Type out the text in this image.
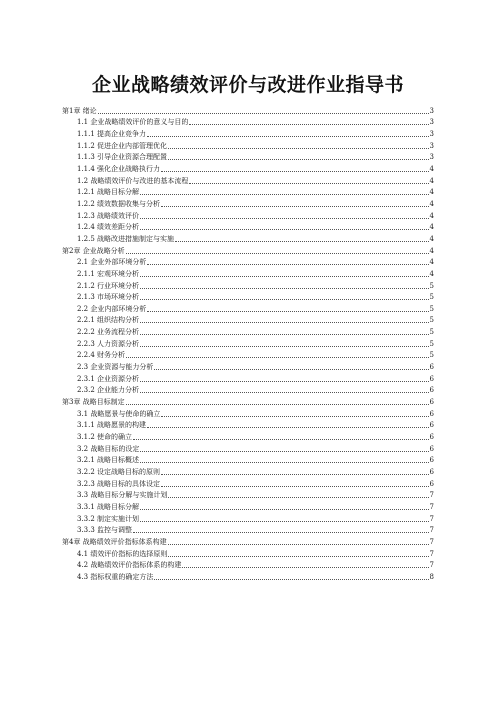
企业战略绩效评价与改进作业指导书
第1章 绪论	3
1.1 企业战略绩效评价的意义与目的	3
1.1.1 提高企业竞争力	3
1.1.2 促进企业内部管理优化	3
1.1.3 引导企业资源合理配置	3
1.1.4 强化企业战略执行力	4
1.2 战略绩效评价与改进的基本流程	4
1.2.1 战略目标分解	4
1.2.2 绩效数据收集与分析	4
1.2.3 战略绩效评价	4
1.2.4 绩效差距分析	4
1.2.5 战略改进措施制定与实施	4
第2章 企业战略分析	4
2.1 企业外部环境分析	4
2.1.1 宏观环境分析	4
2.1.2 行业环境分析	5
2.1.3 市场环境分析	5
2.2 企业内部环境分析	5
2.2.1 组织结构分析	5
2.2.2 业务流程分析	5
2.2.3 人力资源分析	5
2.2.4 财务分析	5
2.3 企业资源与能力分析	6
2.3.1 企业资源分析	6
2.3.2 企业能力分析	6
第3章 战略目标制定	6
3.1 战略愿景与使命的确立	6
3.1.1 战略愿景的构建	6
3.1.2 使命的确立	6
3.2 战略目标的设定	6
3.2.1 战略目标概述	6
3.2.2 设定战略目标的原则	6
3.2.3 战略目标的具体设定	6
3.3 战略目标分解与实施计划	7
3.3.1 战略目标分解	7
3.3.2 制定实施计划	7
3.3.3 监控与调整	7
第4章 战略绩效评价指标体系构建	7
4.1 绩效评价指标的选择原则	7
4.2 战略绩效评价指标体系的构建	7
4.3 指标权重的确定方法	8
